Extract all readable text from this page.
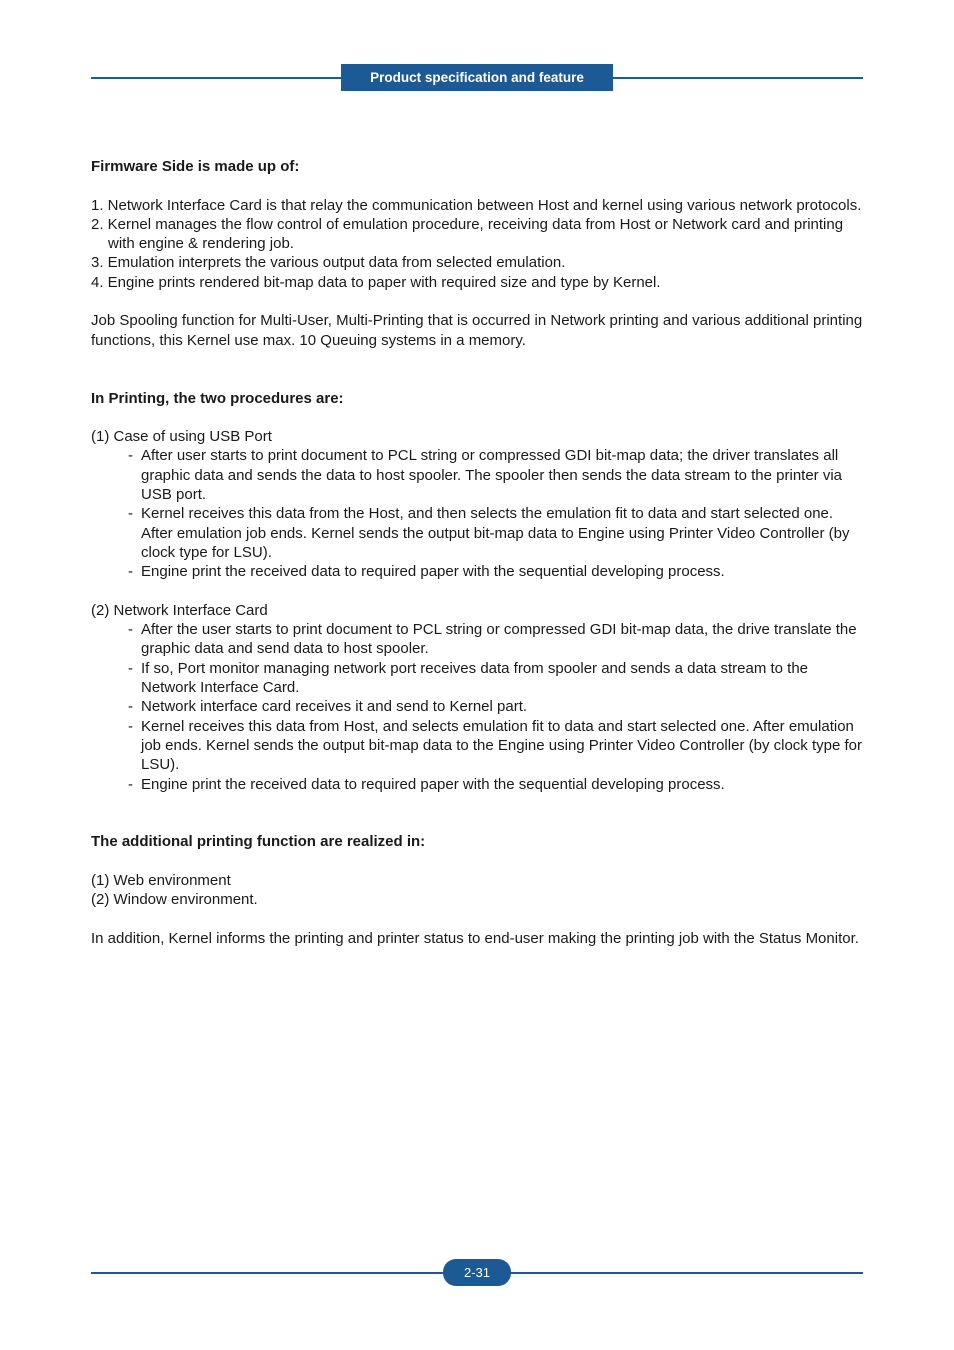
Product specification and feature

Firmware Side is made up of:

1. Network Interface Card is that relay the communication between Host and kernel using various network protocols.
2. Kernel manages the flow control of emulation procedure, receiving data from Host or Network card and printing with engine & rendering job.
3. Emulation interprets the various output data from selected emulation.
4. Engine prints rendered bit-map data to paper with required size and type by Kernel.

Job Spooling function for Multi-User, Multi-Printing that is occurred in Network printing and various additional printing functions, this Kernel use max. 10 Queuing systems in a memory.

In Printing, the two procedures are:

(1) Case of using USB Port

- After user starts to print document to PCL string or compressed GDI bit-map data; the driver translates all graphic data and sends the data to host spooler. The spooler then sends the data stream to the printer via USB port.
- Kernel receives this data from the Host, and then selects the emulation fit to data and start selected one. After emulation job ends. Kernel sends the output bit-map data to Engine using Printer Video Controller (by clock type for LSU).
- Engine print the received data to required paper with the sequential developing process.

(2) Network Interface Card

- After the user starts to print document to PCL string or compressed GDI bit-map data, the drive translate the graphic data and send data to host spooler.
- If so, Port monitor managing network port receives data from spooler and sends a data stream to the Network Interface Card.
- Network interface card receives it and send to Kernel part.
- Kernel receives this data from Host, and selects emulation fit to data and start selected one. After emulation job ends. Kernel sends the output bit-map data to the Engine using Printer Video Controller (by clock type for LSU).
- Engine print the received data to required paper with the sequential developing process.

The additional printing function are realized in:

(1) Web environment

(2) Window environment.

In addition, Kernel informs the printing and printer status to end-user making the printing job with the Status Monitor.

2-31
